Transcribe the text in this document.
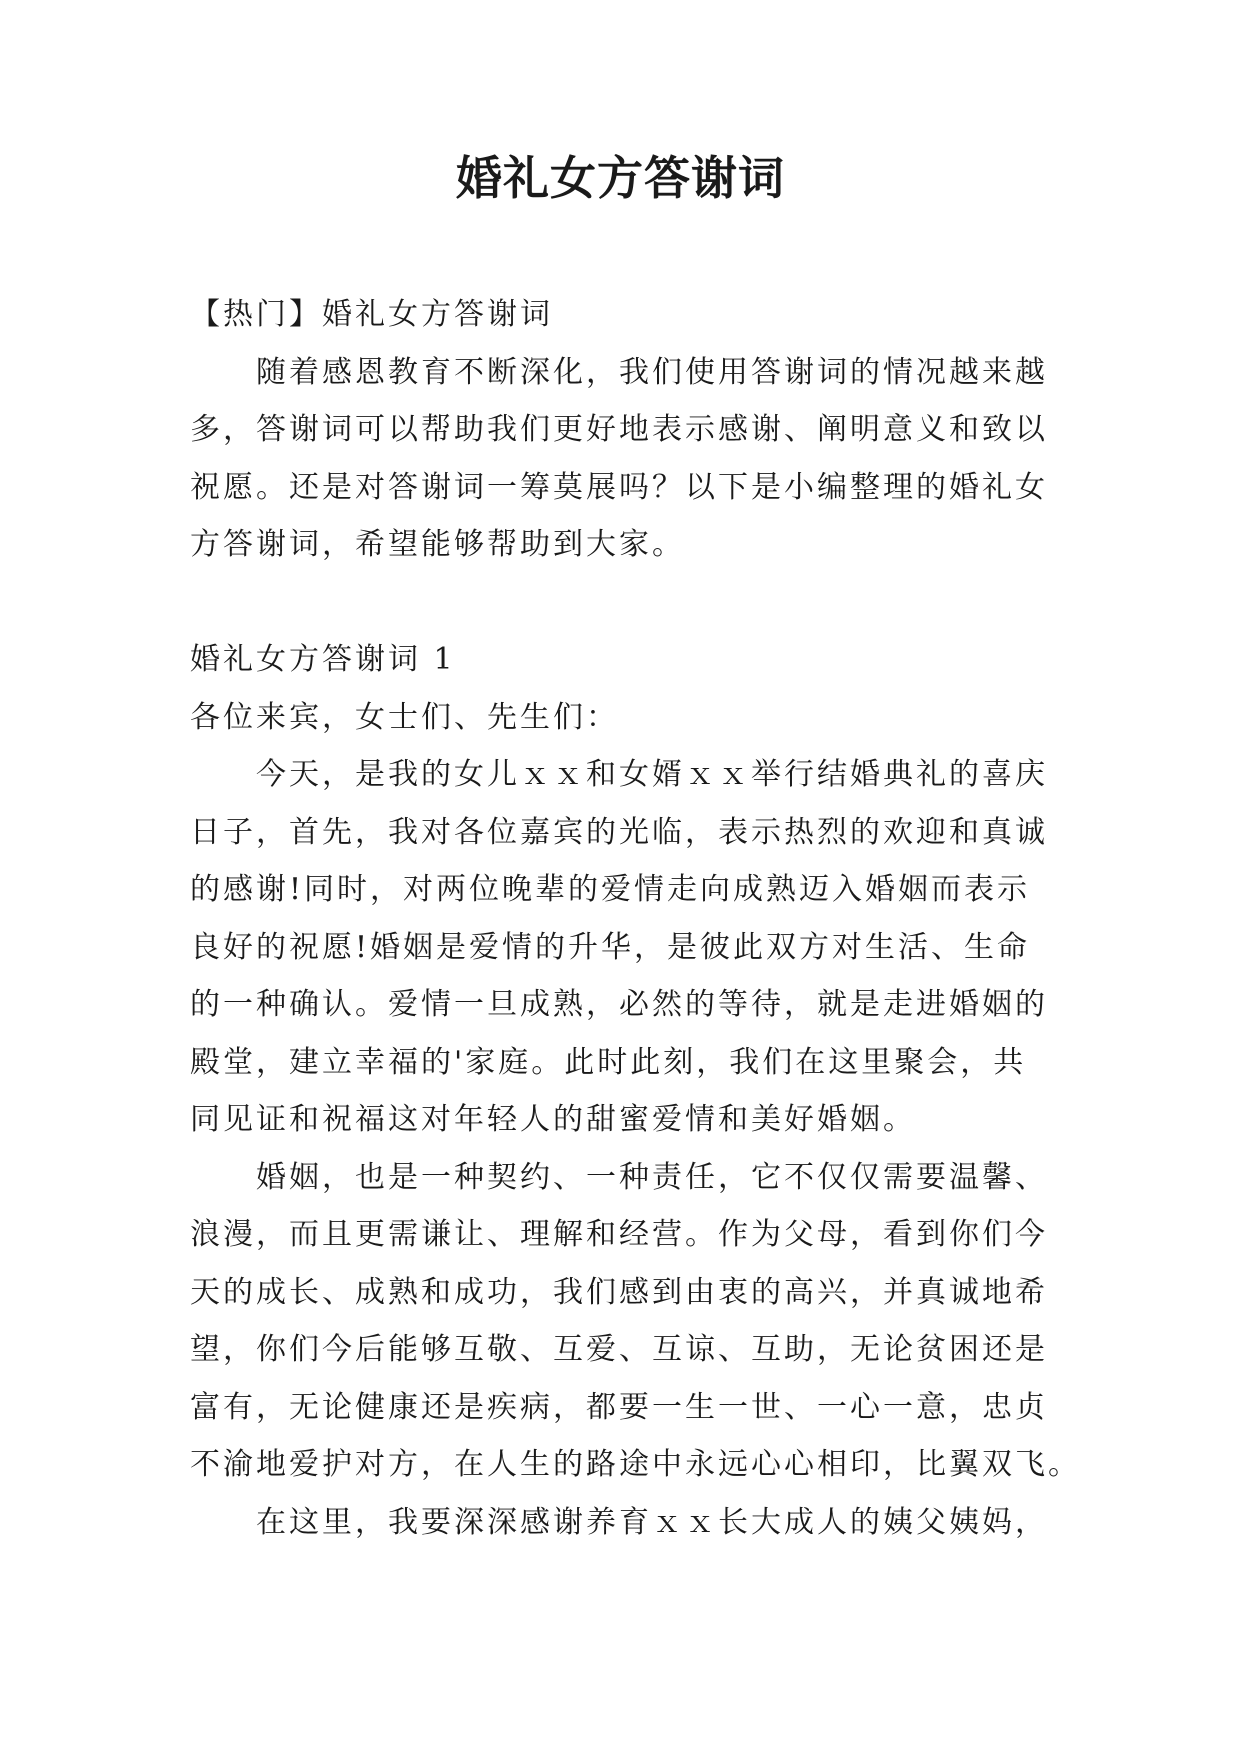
婚礼女方答谢词
【热门】婚礼女方答谢词
随着感恩教育不断深化，我们使用答谢词的情况越来越
多，答谢词可以帮助我们更好地表示感谢、阐明意义和致以
祝愿。还是对答谢词一筹莫展吗？以下是小编整理的婚礼女
方答谢词，希望能够帮助到大家。
婚礼女方答谢词 1
各位来宾，女士们、先生们：
今天，是我的女儿ｘｘ和女婿ｘｘ举行结婚典礼的喜庆
日子，首先，我对各位嘉宾的光临，表示热烈的欢迎和真诚
的感谢!同时，对两位晚辈的爱情走向成熟迈入婚姻而表示
良好的祝愿!婚姻是爱情的升华，是彼此双方对生活、生命
的一种确认。爱情一旦成熟，必然的等待，就是走进婚姻的
殿堂，建立幸福的'家庭。此时此刻，我们在这里聚会，共
同见证和祝福这对年轻人的甜蜜爱情和美好婚姻。
婚姻，也是一种契约、一种责任，它不仅仅需要温馨、
浪漫，而且更需谦让、理解和经营。作为父母，看到你们今
天的成长、成熟和成功，我们感到由衷的高兴，并真诚地希
望，你们今后能够互敬、互爱、互谅、互助，无论贫困还是
富有，无论健康还是疾病，都要一生一世、一心一意，忠贞
不渝地爱护对方，在人生的路途中永远心心相印，比翼双飞。
在这里，我要深深感谢养育ｘｘ长大成人的姨父姨妈，
